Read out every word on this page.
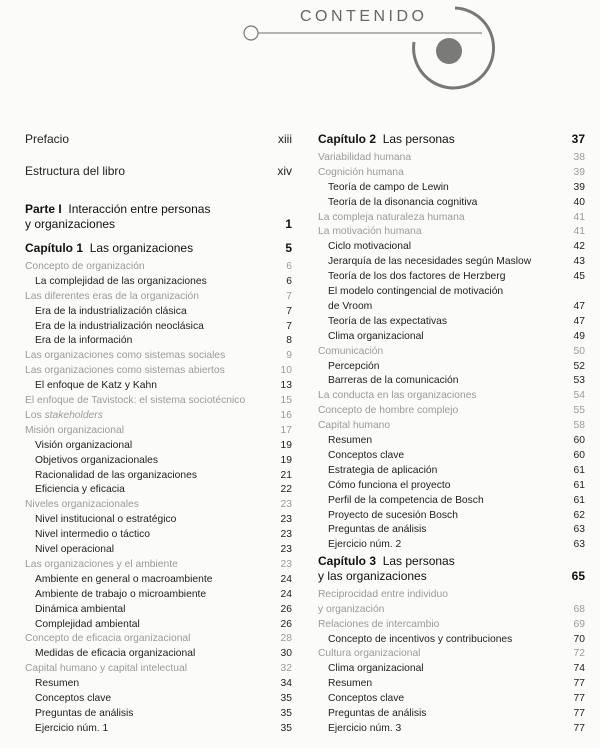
CONTENIDO
Prefacio	xiii
Estructura del libro	xiv
Parte I Interacción entre personas
y organizaciones	1
Capítulo 1 Las organizaciones	5
Concepto de organización	6
La complejidad de las organizaciones	6
Las diferentes eras de la organización	7
Era de la industrialización clásica	7
Era de la industrialización neoclásica	7
Era de la información	8
Las organizaciones como sistemas sociales	9
Las organizaciones como sistemas abiertos	10
El enfoque de Katz y Kahn	13
El enfoque de Tavistock: el sistema sociotécnico	15
Los stakeholders	16
Misión organizacional	17
Visión organizacional	19
Objetivos organizacionales	19
Racionalidad de las organizaciones	21
Eficiencia y eficacia	22
Niveles organizacionales	23
Nivel institucional o estratégico	23
Nivel intermedio o táctico	23
Nivel operacional	23
Las organizaciones y el ambiente	23
Ambiente en general o macroambiente	24
Ambiente de trabajo o microambiente	24
Dinámica ambiental	26
Complejidad ambiental	26
Concepto de eficacia organizacional	28
Medidas de eficacia organizacional	30
Capital humano y capital intelectual	32
Resumen	34
Conceptos clave	35
Preguntas de análisis	35
Ejercicio núm. 1	35
Capítulo 2 Las personas	37
Variabilidad humana	38
Cognición humana	39
Teoría de campo de Lewin	39
Teoría de la disonancia cognitiva	40
La compleja naturaleza humana	41
La motivación humana	41
Ciclo motivacional	42
Jerarquía de las necesidades según Maslow	43
Teoría de los dos factores de Herzberg	45
El modelo contingencial de motivación
de Vroom	47
Teoría de las expectativas	47
Clima organizacional	49
Comunicación	50
Percepción	52
Barreras de la comunicación	53
La conducta en las organizaciones	54
Concepto de hombre complejo	55
Capital humano	58
Resumen	60
Conceptos clave	60
Estrategia de aplicación	61
Cómo funciona el proyecto	61
Perfil de la competencia de Bosch	61
Proyecto de sucesión Bosch	62
Preguntas de análisis	63
Ejercicio núm. 2	63
Capítulo 3 Las personas
y las organizaciones	65
Reciprocidad entre individuo
y organización	68
Relaciones de intercambio	69
Concepto de incentivos y contribuciones	70
Cultura organizacional	72
Clima organizacional	74
Resumen	77
Conceptos clave	77
Preguntas de análisis	77
Ejercicio núm. 3	77
